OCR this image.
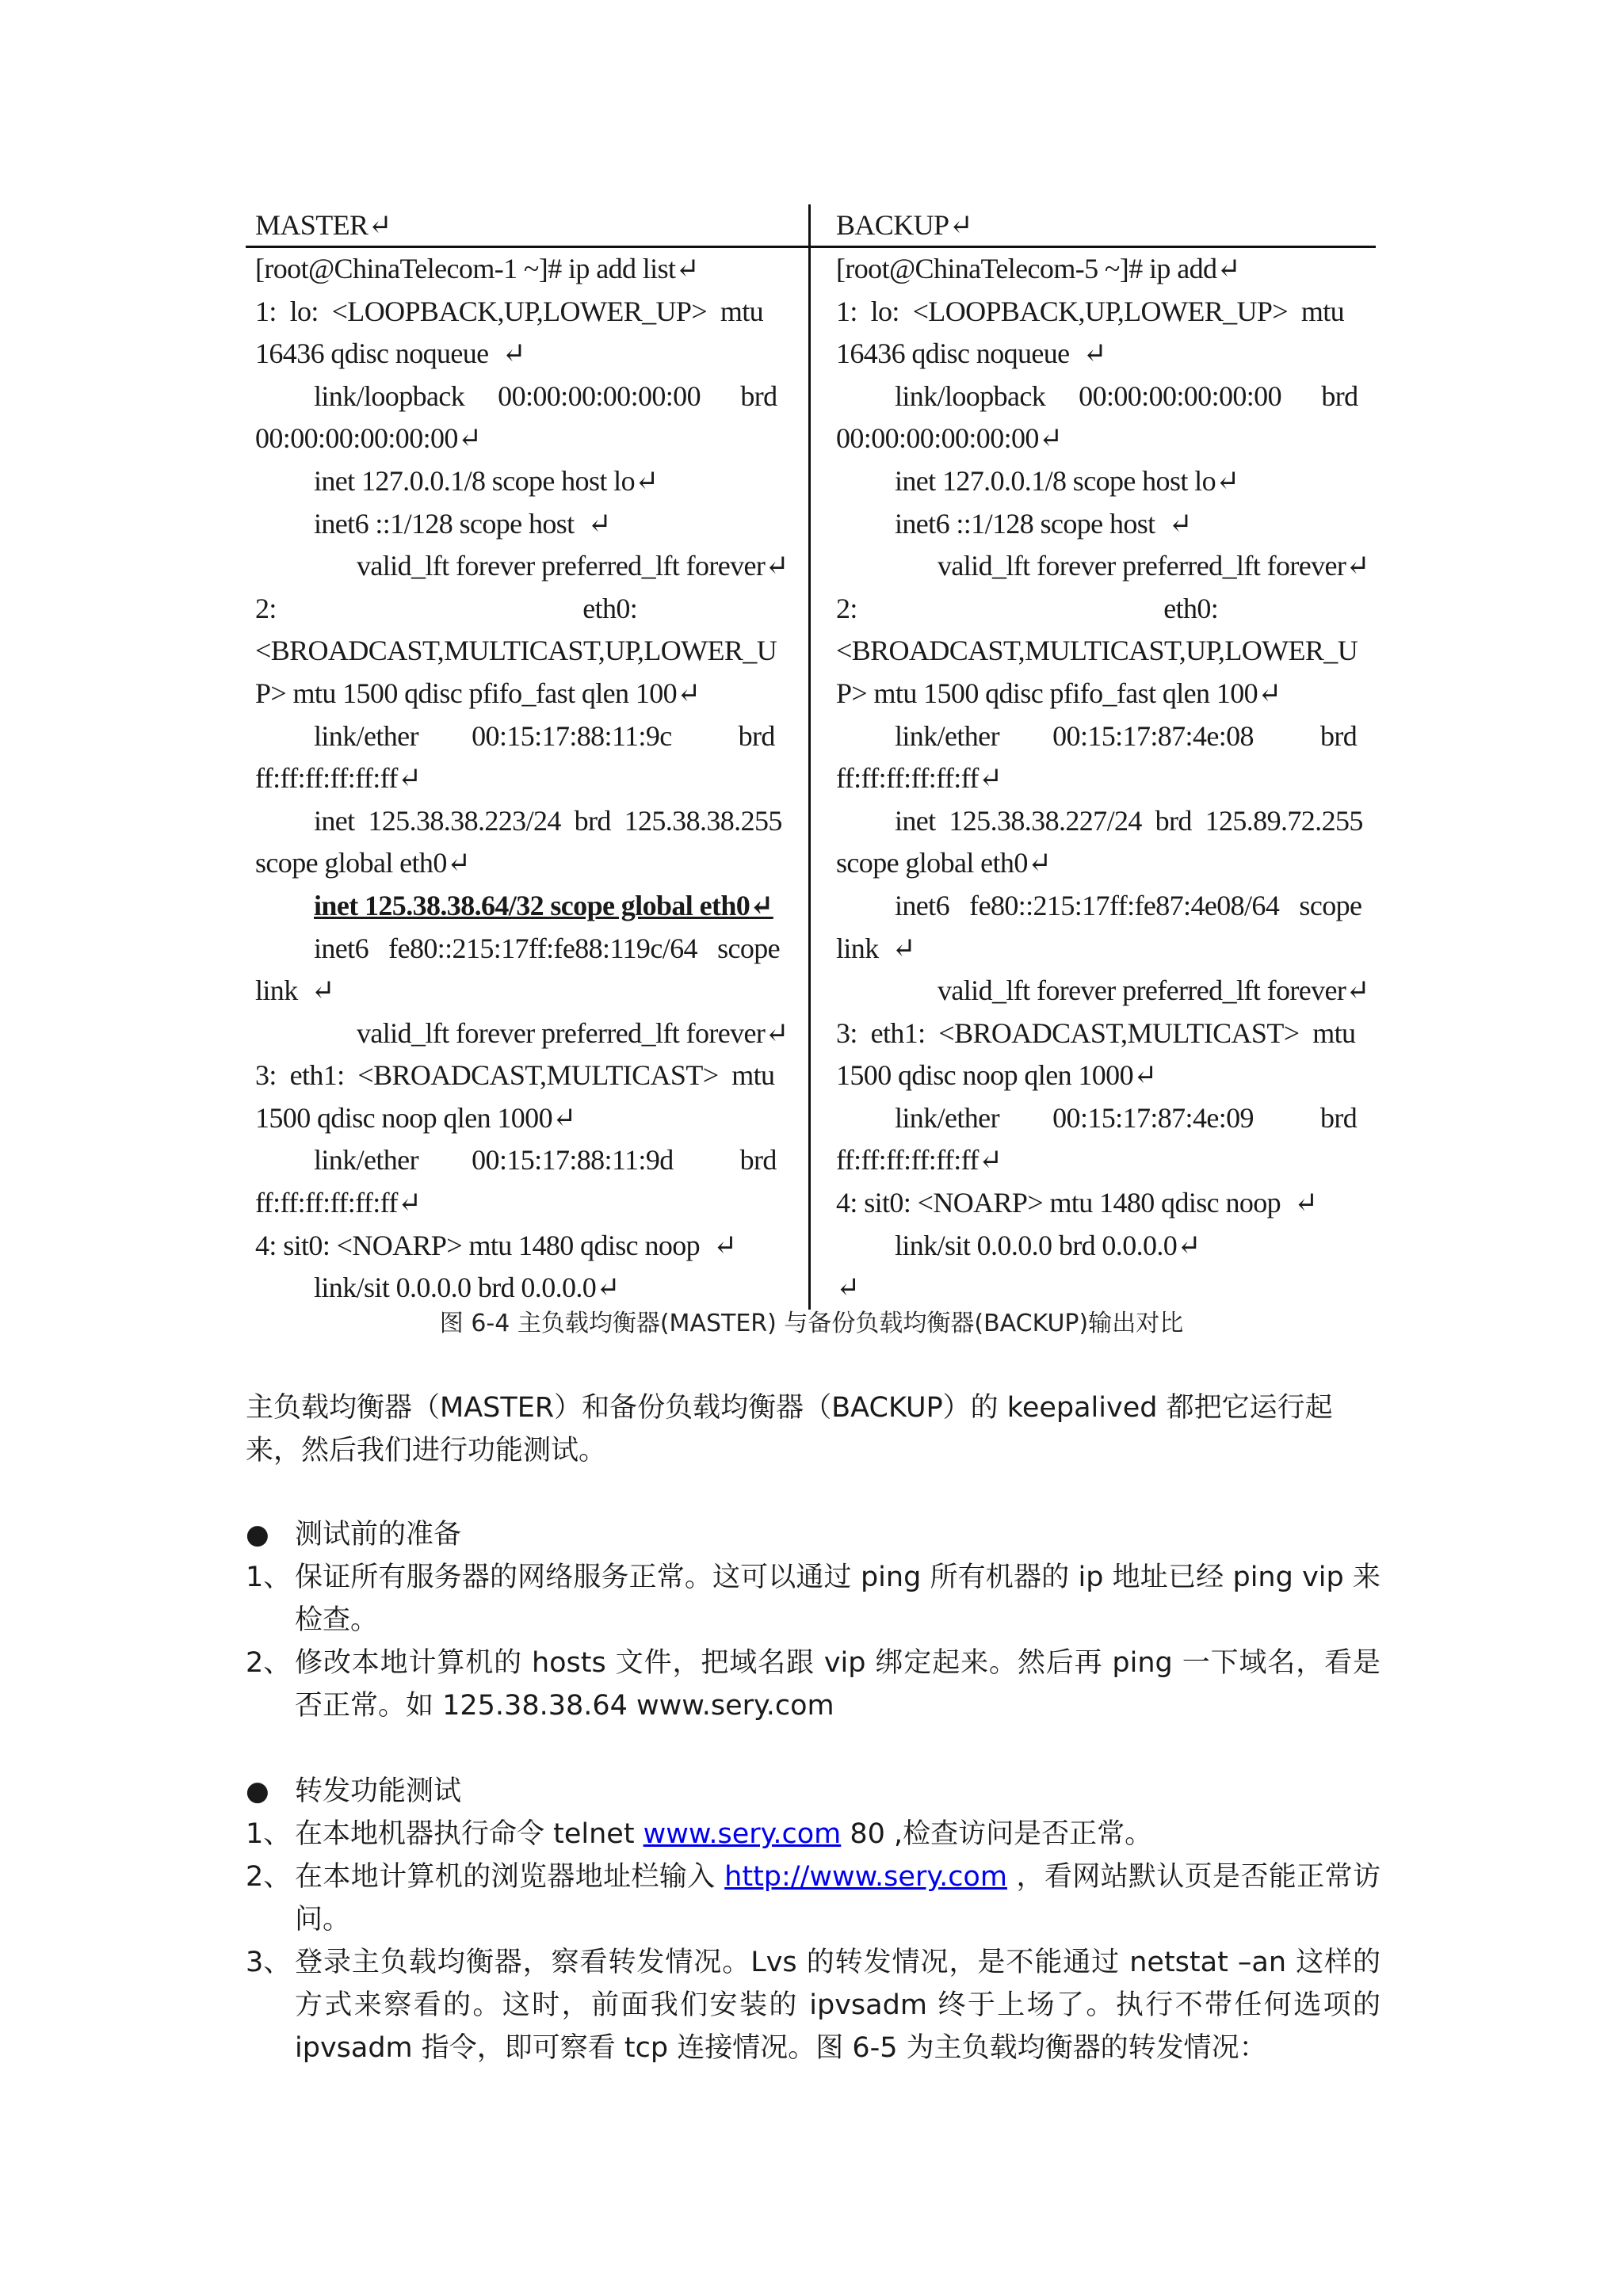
MASTER↵	BACKUP↵
[root@ChinaTelecom-1 ~]# ip add list↵
1:  lo:  <LOOPBACK,UP,LOWER_UP>  mtu
16436 qdisc noqueue  ↵
link/loopback     00:00:00:00:00:00      brd
00:00:00:00:00:00↵
inet 127.0.0.1/8 scope host lo↵
inet6 ::1/128 scope host  ↵
valid_lft forever preferred_lft forever↵
2:                                              eth0:
<BROADCAST,MULTICAST,UP,LOWER_U
P> mtu 1500 qdisc pfifo_fast qlen 100↵
link/ether        00:15:17:88:11:9c          brd
ff:ff:ff:ff:ff:ff↵
inet  125.38.38.223/24  brd  125.38.38.255
scope global eth0↵
inet 125.38.38.64/32 scope global eth0↵
inet6   fe80::215:17ff:fe88:119c/64   scope
link  ↵
valid_lft forever preferred_lft forever↵
3:  eth1:  <BROADCAST,MULTICAST>  mtu
1500 qdisc noop qlen 1000↵
link/ether        00:15:17:88:11:9d          brd
ff:ff:ff:ff:ff:ff↵
4: sit0: <NOARP> mtu 1480 qdisc noop  ↵
link/sit 0.0.0.0 brd 0.0.0.0↵
[root@ChinaTelecom-5 ~]# ip add↵
1:  lo:  <LOOPBACK,UP,LOWER_UP>  mtu
16436 qdisc noqueue  ↵
link/loopback     00:00:00:00:00:00      brd
00:00:00:00:00:00↵
inet 127.0.0.1/8 scope host lo↵
inet6 ::1/128 scope host  ↵
valid_lft forever preferred_lft forever↵
2:                                              eth0:
<BROADCAST,MULTICAST,UP,LOWER_U
P> mtu 1500 qdisc pfifo_fast qlen 100↵
link/ether        00:15:17:87:4e:08          brd
ff:ff:ff:ff:ff:ff↵
inet  125.38.38.227/24  brd  125.89.72.255
scope global eth0↵
inet6   fe80::215:17ff:fe87:4e08/64   scope
link  ↵
valid_lft forever preferred_lft forever↵
3:  eth1:  <BROADCAST,MULTICAST>  mtu
1500 qdisc noop qlen 1000↵
link/ether        00:15:17:87:4e:09          brd
ff:ff:ff:ff:ff:ff↵
4: sit0: <NOARP> mtu 1480 qdisc noop  ↵
link/sit 0.0.0.0 brd 0.0.0.0↵
↵
图 6-4 主负载均衡器(MASTER) 与备份负载均衡器(BACKUP)输出对比
主负载均衡器（MASTER）和备份负载均衡器（BACKUP）的 keepalived 都把它运行起来，然后我们进行功能测试。
● 测试前的准备
1、 保证所有服务器的网络服务正常。这可以通过 ping 所有机器的 ip 地址已经 ping vip 来检查。
2、 修改本地计算机的 hosts 文件，把域名跟 vip 绑定起来。然后再 ping 一下域名，看是否正常。如 125.38.38.64 www.sery.com
● 转发功能测试
1、 在本地机器执行命令 telnet www.sery.com 80 ,检查访问是否正常。
2、 在本地计算机的浏览器地址栏输入 http://www.sery.com ，看网站默认页是否能正常访问。
3、 登录主负载均衡器，察看转发情况。Lvs 的转发情况，是不能通过 netstat –an 这样的方式来察看的。这时，前面我们安装的 ipvsadm 终于上场了。执行不带任何选项的 ipvsadm 指令，即可察看 tcp 连接情况。图 6-5 为主负载均衡器的转发情况：
